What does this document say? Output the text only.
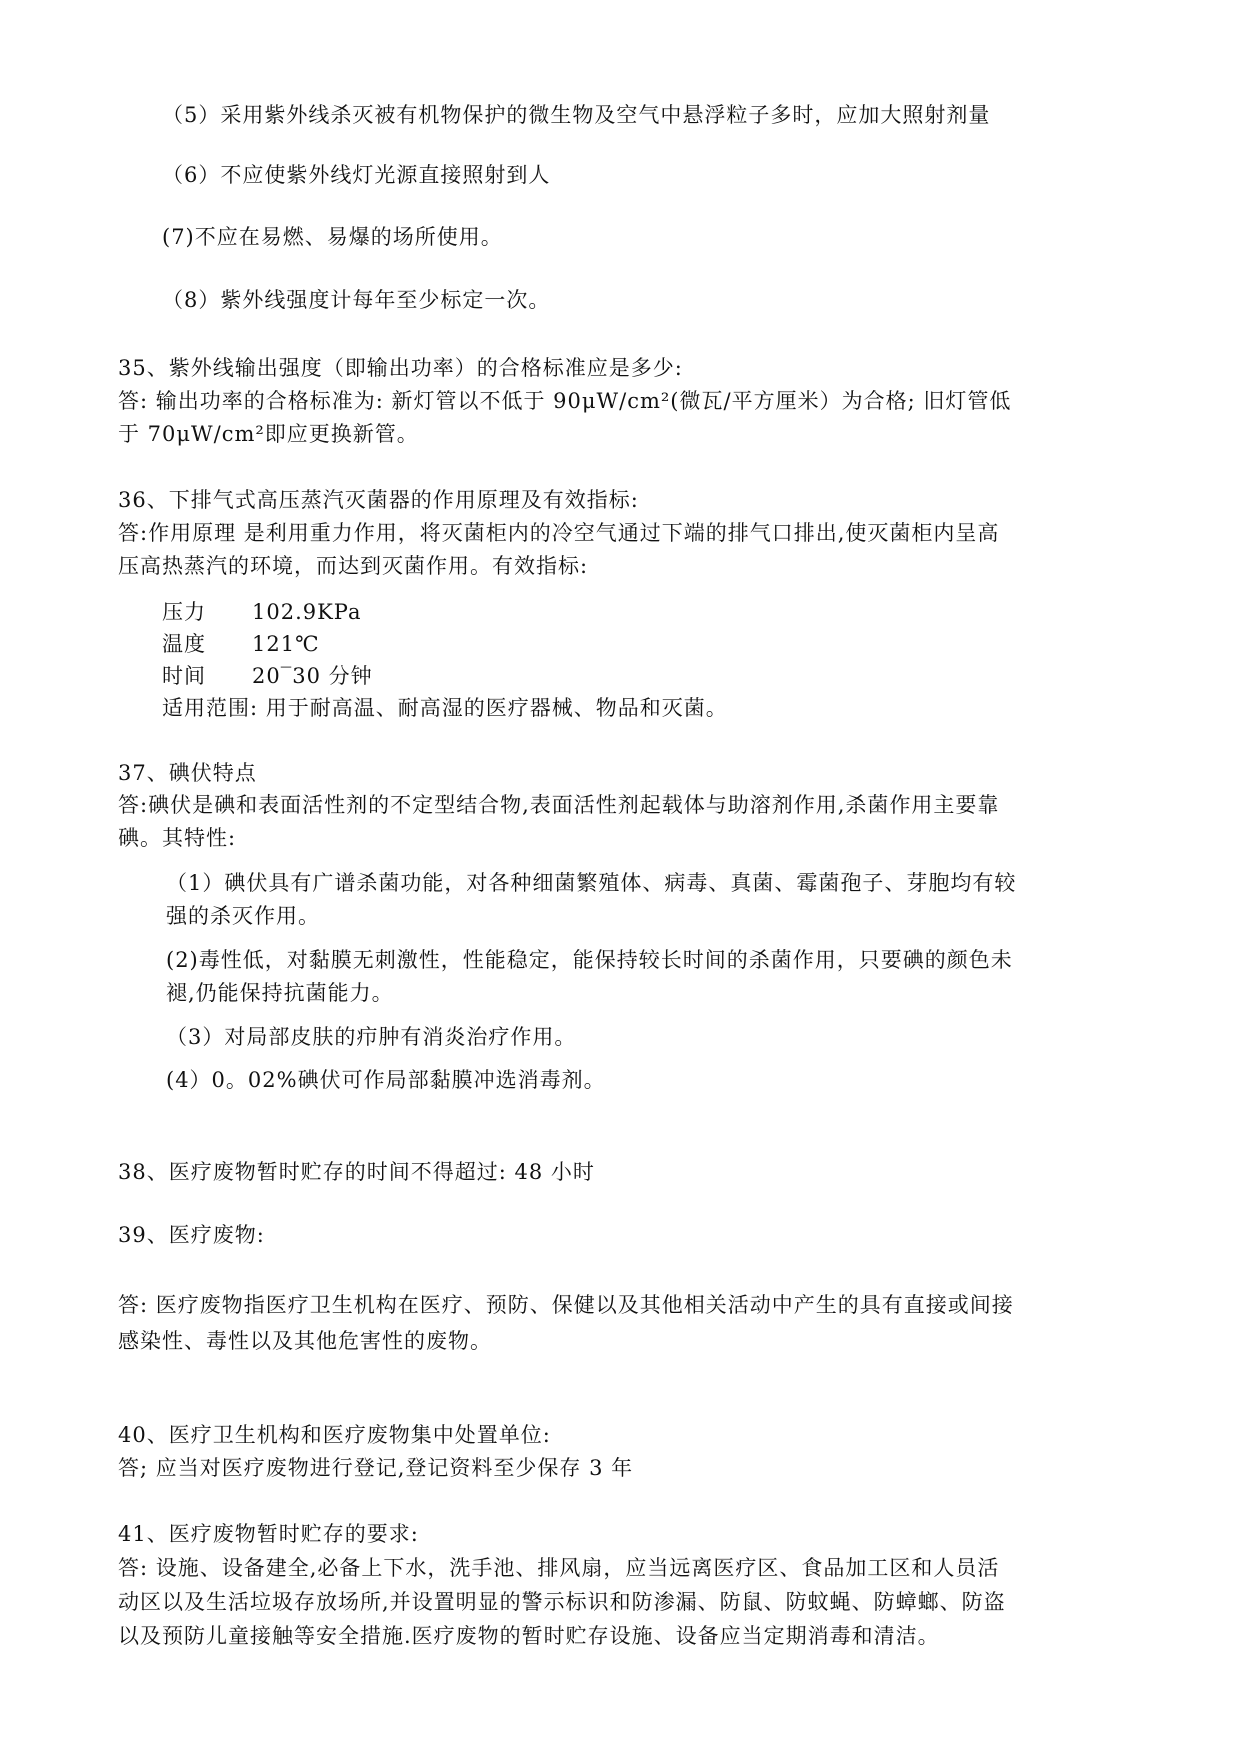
（5）采用紫外线杀灭被有机物保护的微生物及空气中悬浮粒子多时，应加大照射剂量
（6）不应使紫外线灯光源直接照射到人
(7)不应在易燃、易爆的场所使用。
（8）紫外线强度计每年至少标定一次。
35、紫外线输出强度（即输出功率）的合格标准应是多少:
答: 输出功率的合格标准为: 新灯管以不低于 90μW/cm²(微瓦/平方厘米）为合格; 旧灯管低
于 70μW/cm²即应更换新管。
36、下排气式高压蒸汽灭菌器的作用原理及有效指标:
答:作用原理 是利用重力作用，将灭菌柜内的冷空气通过下端的排气口排出,使灭菌柜内呈高
压高热蒸汽的环境，而达到灭菌作用。有效指标:
压力 102.9KPa
温度 121℃
时间 20‾30 分钟
适用范围: 用于耐高温、耐高湿的医疗器械、物品和灭菌。
37、碘伏特点
答:碘伏是碘和表面活性剂的不定型结合物,表面活性剂起载体与助溶剂作用,杀菌作用主要靠
碘。其特性:
（1）碘伏具有广谱杀菌功能，对各种细菌繁殖体、病毒、真菌、霉菌孢子、芽胞均有较
强的杀灭作用。
(2)毒性低，对黏膜无刺激性，性能稳定，能保持较长时间的杀菌作用，只要碘的颜色未
褪,仍能保持抗菌能力。
（3）对局部皮肤的疖肿有消炎治疗作用。
(4）0。02%碘伏可作局部黏膜冲选消毒剂。
38、医疗废物暂时贮存的时间不得超过: 48 小时
39、医疗废物:
答: 医疗废物指医疗卫生机构在医疗、预防、保健以及其他相关活动中产生的具有直接或间接
感染性、毒性以及其他危害性的废物。
40、医疗卫生机构和医疗废物集中处置单位:
答; 应当对医疗废物进行登记,登记资料至少保存 3 年
41、医疗废物暂时贮存的要求:
答: 设施、设备建全,必备上下水，洗手池、排风扇，应当远离医疗区、食品加工区和人员活
动区以及生活垃圾存放场所,并设置明显的警示标识和防渗漏、防鼠、防蚊蝇、防蟑螂、防盗
以及预防儿童接触等安全措施.医疗废物的暂时贮存设施、设备应当定期消毒和清洁。
